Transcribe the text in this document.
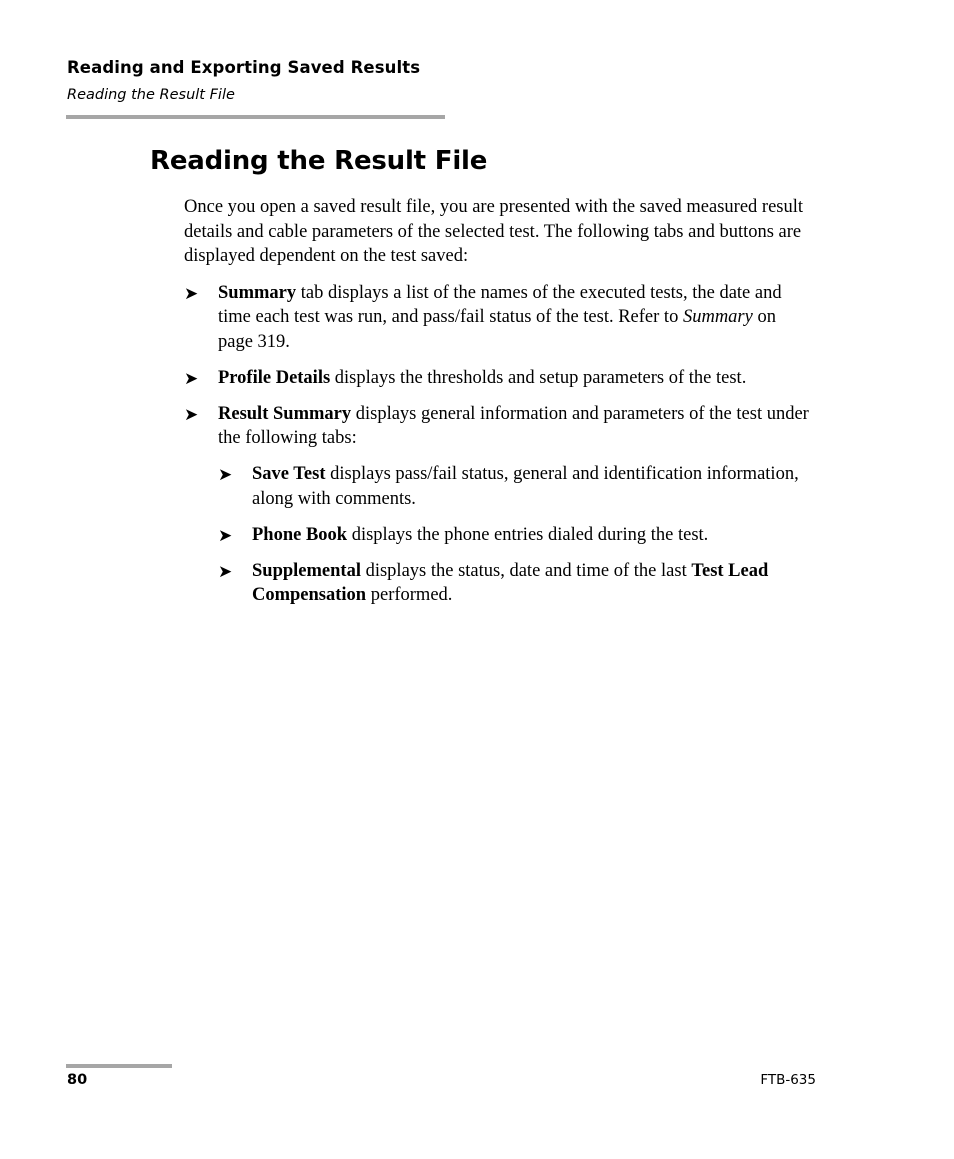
Reading and Exporting Saved Results
Reading the Result File
Reading the Result File

Once you open a saved result file, you are presented with the saved measured result details and cable parameters of the selected test. The following tabs and buttons are displayed dependent on the test saved:

➤ Summary tab displays a list of the names of the executed tests, the date and time each test was run, and pass/fail status of the test. Refer to Summary on page 319.
➤ Profile Details displays the thresholds and setup parameters of the test.
➤ Result Summary displays general information and parameters of the test under the following tabs:
➤ Save Test displays pass/fail status, general and identification information, along with comments.
➤ Phone Book displays the phone entries dialed during the test.
➤ Supplemental displays the status, date and time of the last Test Lead Compensation performed.
80	FTB-635
